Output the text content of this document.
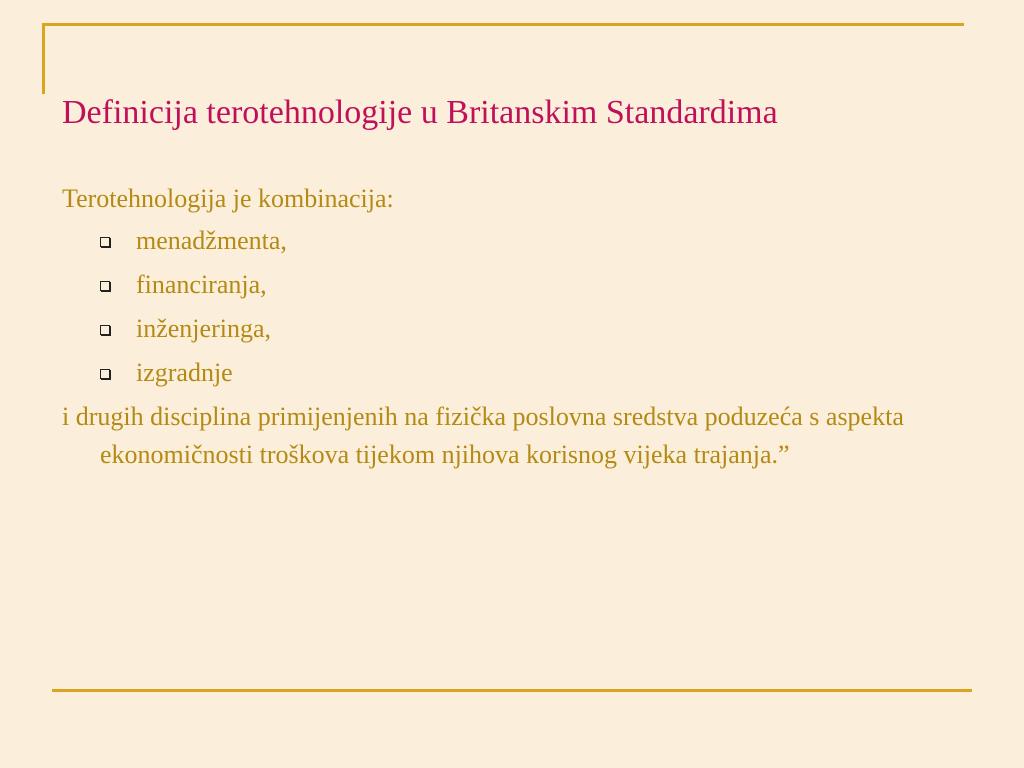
Definicija terotehnologije u Britanskim Standardima

Terotehnologija je kombinacija:

menadžmenta,
financiranja,
inženjeringa,
izgradnje

i drugih disciplina primijenjenih na fizička poslovna sredstva poduzeća s aspekta ekonomičnosti troškova tijekom njihova korisnog vijeka trajanja.”
